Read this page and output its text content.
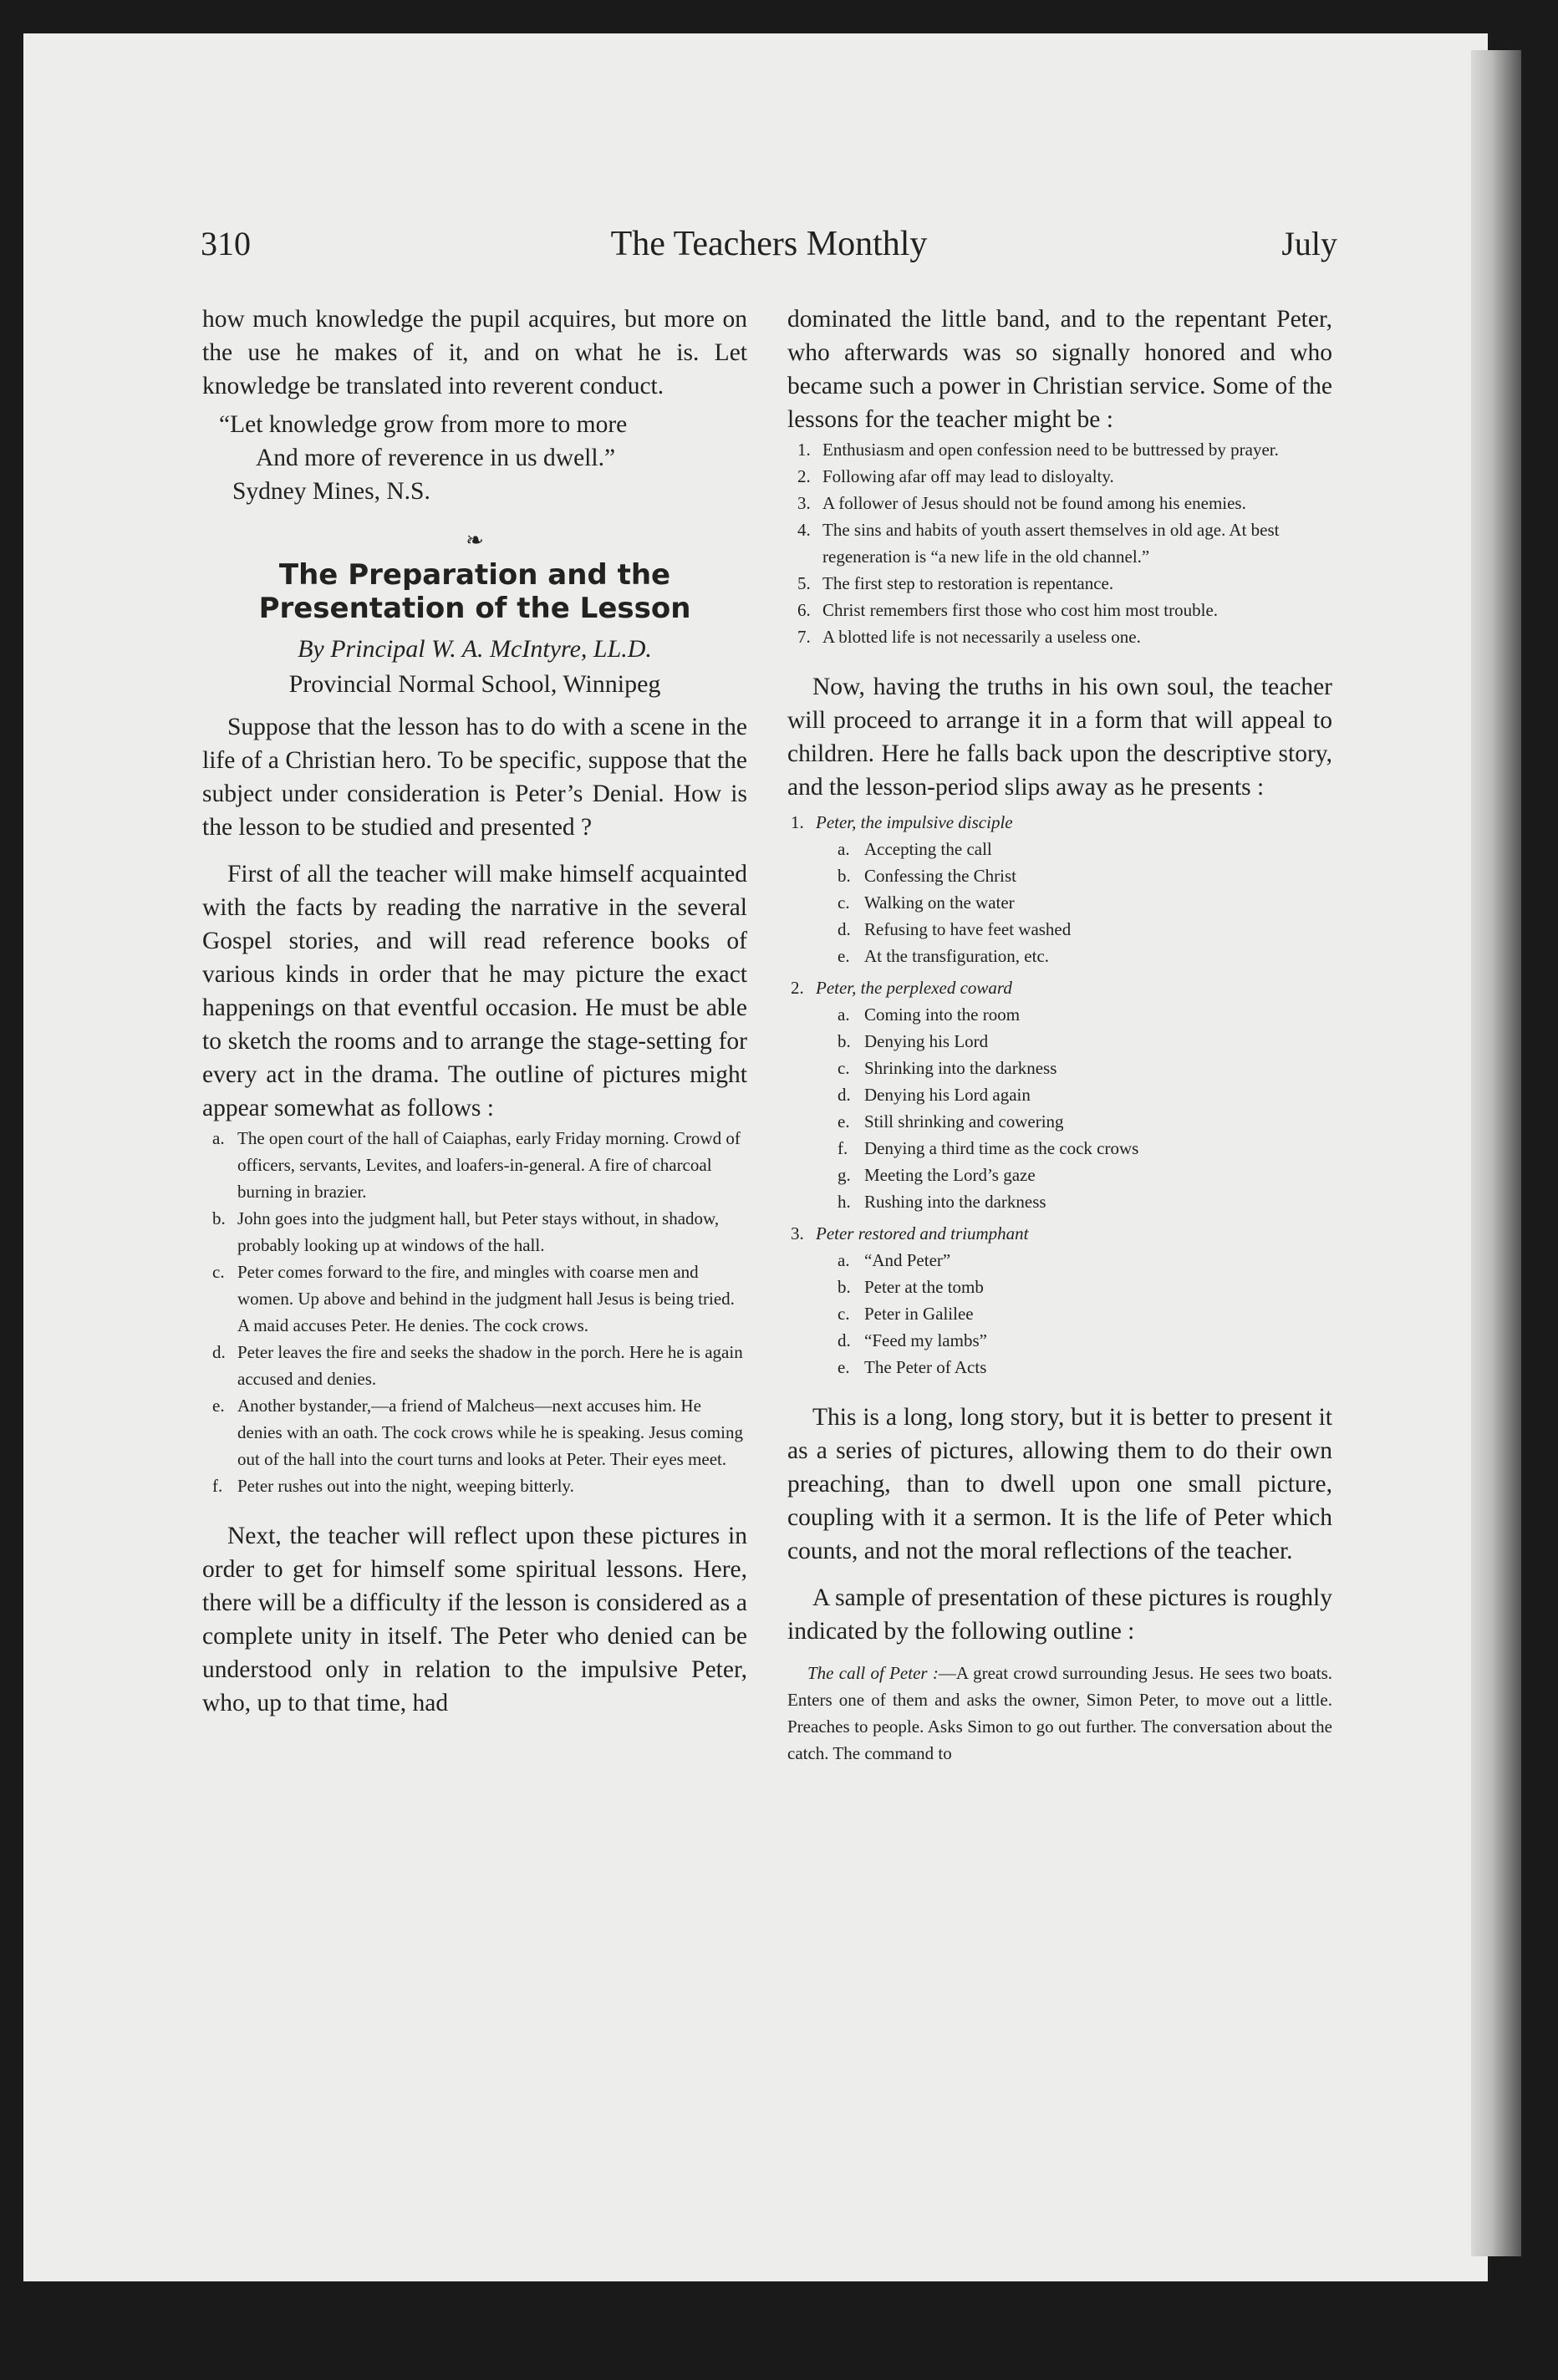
310	The Teachers Monthly	July

how much knowledge the pupil acquires, but more on the use he makes of it, and on what he is. Let knowledge be translated into reverent conduct.

“Let knowledge grow from more to more
And more of reverence in us dwell.”
Sydney Mines, N.S.
❧
The Preparation and the Presentation of the Lesson
By Principal W. A. McIntyre, LL.D.
Provincial Normal School, Winnipeg

Suppose that the lesson has to do with a scene in the life of a Christian hero. To be specific, suppose that the subject under consideration is Peter’s Denial. How is the lesson to be studied and presented ?

First of all the teacher will make himself acquainted with the facts by reading the narrative in the several Gospel stories, and will read reference books of various kinds in order that he may picture the exact happenings on that eventful occasion. He must be able to sketch the rooms and to arrange the stage-setting for every act in the drama. The outline of pictures might appear somewhat as follows :

a. The open court of the hall of Caiaphas, early Friday morning. Crowd of officers, servants, Levites, and loafers-in-general. A fire of charcoal burning in brazier.
b. John goes into the judgment hall, but Peter stays without, in shadow, probably looking up at windows of the hall.
c. Peter comes forward to the fire, and mingles with coarse men and women. Up above and behind in the judgment hall Jesus is being tried. A maid accuses Peter. He denies. The cock crows.
d. Peter leaves the fire and seeks the shadow in the porch. Here he is again accused and denies.
e. Another bystander,—a friend of Malcheus—next accuses him. He denies with an oath. The cock crows while he is speaking. Jesus coming out of the hall into the court turns and looks at Peter. Their eyes meet.
f. Peter rushes out into the night, weeping bitterly.

Next, the teacher will reflect upon these pictures in order to get for himself some spiritual lessons. Here, there will be a difficulty if the lesson is considered as a complete unity in itself. The Peter who denied can be understood only in relation to the impulsive Peter, who, up to that time, had

dominated the little band, and to the repentant Peter, who afterwards was so signally honored and who became such a power in Christian service. Some of the lessons for the teacher might be :

1. Enthusiasm and open confession need to be buttressed by prayer.
2. Following afar off may lead to disloyalty.
3. A follower of Jesus should not be found among his enemies.
4. The sins and habits of youth assert themselves in old age. At best regeneration is “a new life in the old channel.”
5. The first step to restoration is repentance.
6. Christ remembers first those who cost him most trouble.
7. A blotted life is not necessarily a useless one.

Now, having the truths in his own soul, the teacher will proceed to arrange it in a form that will appeal to children. Here he falls back upon the descriptive story, and the lesson-period slips away as he presents :

1. Peter, the impulsive disciple
a. Accepting the call
b. Confessing the Christ
c. Walking on the water
d. Refusing to have feet washed
e. At the transfiguration, etc.
2. Peter, the perplexed coward
a. Coming into the room
b. Denying his Lord
c. Shrinking into the darkness
d. Denying his Lord again
e. Still shrinking and cowering
f. Denying a third time as the cock crows
g. Meeting the Lord’s gaze
h. Rushing into the darkness
3. Peter restored and triumphant
a. “And Peter”
b. Peter at the tomb
c. Peter in Galilee
d. “Feed my lambs”
e. The Peter of Acts

This is a long, long story, but it is better to present it as a series of pictures, allowing them to do their own preaching, than to dwell upon one small picture, coupling with it a sermon. It is the life of Peter which counts, and not the moral reflections of the teacher.

A sample of presentation of these pictures is roughly indicated by the following outline :

The call of Peter :—A great crowd surrounding Jesus. He sees two boats. Enters one of them and asks the owner, Simon Peter, to move out a little. Preaches to people. Asks Simon to go out further. The conversation about the catch. The command to
